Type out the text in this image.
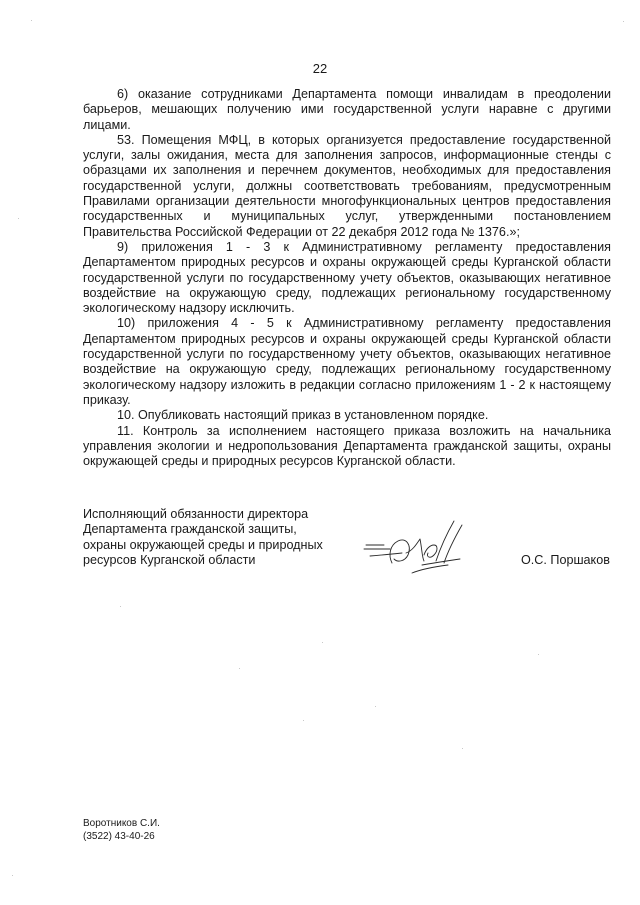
22

6) оказание сотрудниками Департамента помощи инвалидам в преодолении барьеров, мешающих получению ими государственной услуги наравне с другими лицами.

53. Помещения МФЦ, в которых организуется предоставление государственной услуги, залы ожидания, места для заполнения запросов, информационные стенды с образцами их заполнения и перечнем документов, необходимых для предоставления государственной услуги, должны соответствовать требованиям, предусмотренным Правилами организации деятельности многофункциональных центров предоставления государственных и муниципальных услуг, утвержденными постановлением Правительства Российской Федерации от 22 декабря 2012 года № 1376.»;

9) приложения 1 - 3 к Административному регламенту предоставления Департаментом природных ресурсов и охраны окружающей среды Курганской области государственной услуги по государственному учету объектов, оказывающих негативное воздействие на окружающую среду, подлежащих региональному государственному экологическому надзору исключить.

10) приложения 4 - 5 к Административному регламенту предоставления Департаментом природных ресурсов и охраны окружающей среды Курганской области государственной услуги по государственному учету объектов, оказывающих негативное воздействие на окружающую среду, подлежащих региональному государственному экологическому надзору изложить в редакции согласно приложениям 1 - 2 к настоящему приказу.

10. Опубликовать настоящий приказ в установленном порядке.

11. Контроль за исполнением настоящего приказа возложить на начальника управления экологии и недропользования Департамента гражданской защиты, охраны окружающей среды и природных ресурсов Курганской области.

Исполняющий обязанности директора
Департамента гражданской защиты,
охраны окружающей среды и природных
ресурсов Курганской области	О.С. Поршаков
Воротников С.И.
(3522) 43-40-26
